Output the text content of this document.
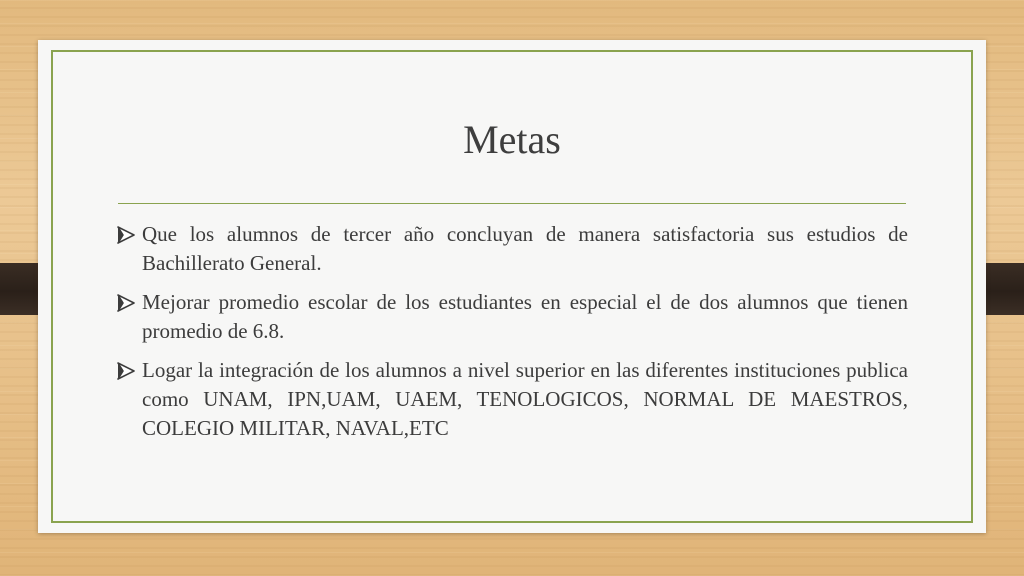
Metas
Que los alumnos de tercer año concluyan de manera satisfactoria sus estudios de Bachillerato General.
Mejorar promedio escolar de los estudiantes en especial el de dos alumnos que tienen promedio de 6.8.
Logar la integración de los alumnos a nivel superior en las diferentes instituciones publica como UNAM, IPN,UAM, UAEM, TENOLOGICOS, NORMAL DE MAESTROS, COLEGIO MILITAR, NAVAL,ETC
